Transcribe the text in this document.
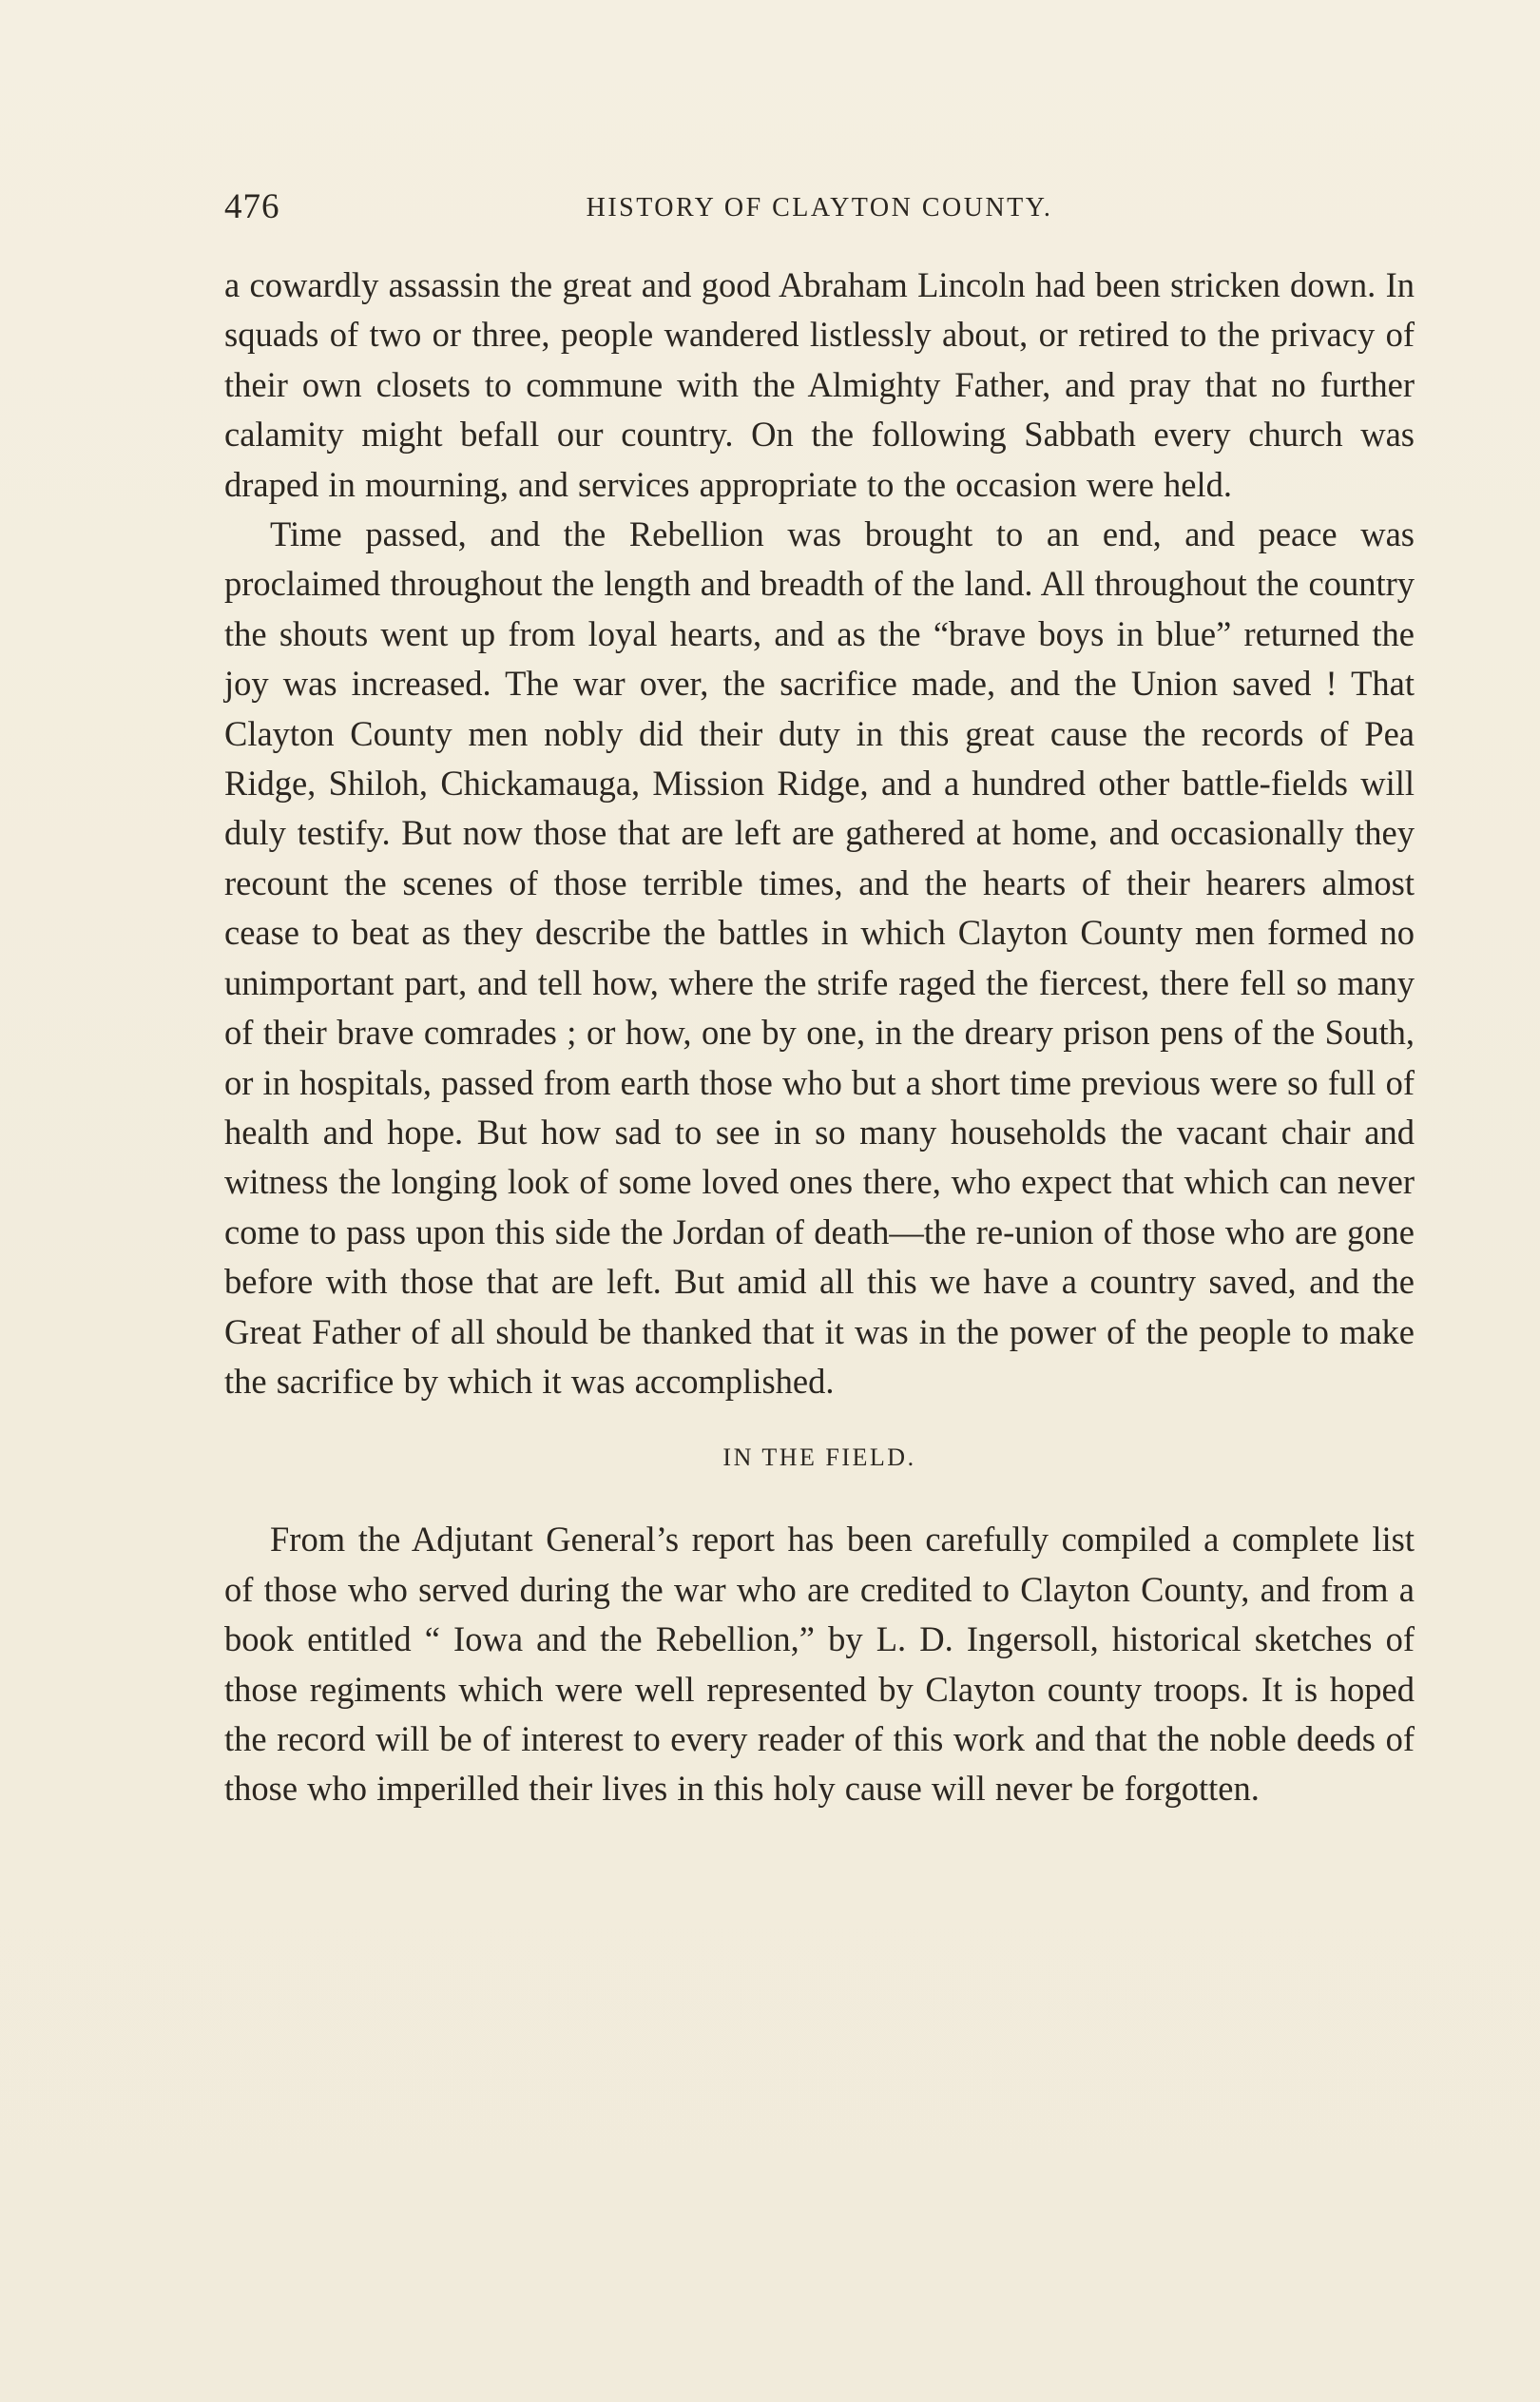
476	HISTORY OF CLAYTON COUNTY.

a cowardly assassin the great and good Abraham Lincoln had been stricken down. In squads of two or three, people wandered listlessly about, or retired to the privacy of their own closets to commune with the Almighty Father, and pray that no further calamity might befall our country. On the following Sabbath every church was draped in mourning, and services appropriate to the occasion were held.

Time passed, and the Rebellion was brought to an end, and peace was proclaimed throughout the length and breadth of the land. All throughout the country the shouts went up from loyal hearts, and as the “brave boys in blue” returned the joy was increased. The war over, the sacrifice made, and the Union saved ! That Clayton County men nobly did their duty in this great cause the records of Pea Ridge, Shiloh, Chickamauga, Mission Ridge, and a hundred other battle-fields will duly testify. But now those that are left are gathered at home, and occasionally they recount the scenes of those terrible times, and the hearts of their hearers almost cease to beat as they describe the battles in which Clayton County men formed no unimportant part, and tell how, where the strife raged the fiercest, there fell so many of their brave comrades ; or how, one by one, in the dreary prison pens of the South, or in hospitals, passed from earth those who but a short time previous were so full of health and hope. But how sad to see in so many households the vacant chair and witness the longing look of some loved ones there, who expect that which can never come to pass upon this side the Jordan of death—the re-union of those who are gone before with those that are left. But amid all this we have a country saved, and the Great Father of all should be thanked that it was in the power of the people to make the sacrifice by which it was accomplished.

IN THE FIELD.

From the Adjutant General’s report has been carefully compiled a complete list of those who served during the war who are credited to Clayton County, and from a book entitled “ Iowa and the Rebellion,” by L. D. Ingersoll, historical sketches of those regiments which were well represented by Clayton county troops. It is hoped the record will be of interest to every reader of this work and that the noble deeds of those who imperilled their lives in this holy cause will never be forgotten.
